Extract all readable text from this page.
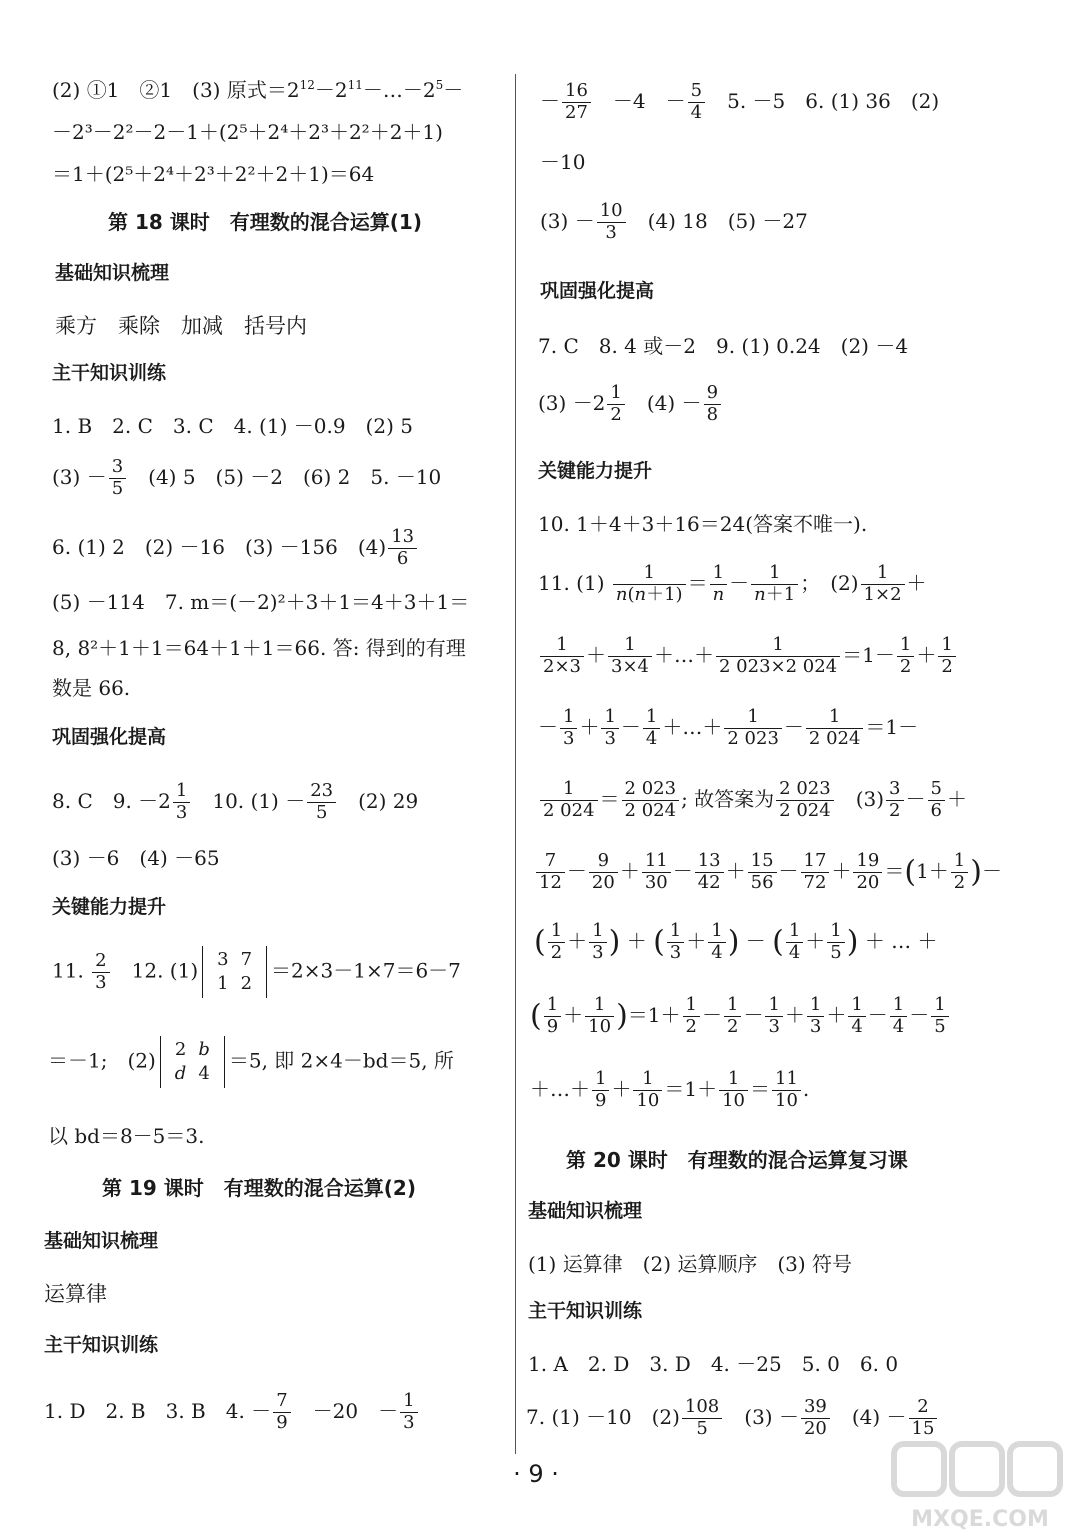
(2) ①1　②1　(3) 原式$=2^{12}-2^{11}-\dots-2^5-$
－2³－2²－2－1＋(2⁵＋2⁴＋2³＋2²＋2＋1)
＝1＋(2⁵＋2⁴＋2³＋2²＋2＋1)＝64
第 18 课时　有理数的混合运算(1)
基础知识梳理
乘方　乘除　加减　括号内
主干知识训练
1. B　2. C　3. C　4. (1) －0.9　(2) 5
$(3) - \frac{3}{5}$ 　(4) 5　(5) －2　(6) 2　5. －10
6. (1) 2　(2) －16　(3) －156　$(4) \frac{13}{6}$
(5) －114　7. m＝(－2)²＋3＋1＝4＋3＋1＝
8, 8²＋1＋1＝64＋1＋1＝66. 答: 得到的有理
数是 66.
巩固强化提高
8. C　9. $-2 \frac{1}{3}$ 　10. $(1) - \frac{23}{5}$ 　(2) 29
(3) －6　(4) －65
关键能力提升
11. $\frac{2}{3}$ 　12. (1) 3	7
1	2
＝2×3－1×7＝6－7
＝－1;　(2) 2	b
d	4
＝5, 即 2×4－bd＝5, 所
以 bd＝8－5＝3.
第 19 课时　有理数的混合运算(2)
基础知识梳理
运算律
主干知识训练
1. D　2. B　3. B　4. － $\frac{7}{9}$ 　－20　－ $\frac{1}{3}$
－ $\frac{16}{27}$ 　－4　－ $\frac{5}{4}$ 　5. －5　6. (1) 36　(2)
－10
$(3) - \frac{10}{3}$ 　(4) 18　(5) －27
巩固强化提高
7. C　8. 4 或－2　9. (1) 0.24　(2) －4
$(3) -2 \frac{1}{2}$ 　$(4) - \frac{9}{8}$
关键能力提升
10. 1＋4＋3＋16＝24(答案不唯一).
11. $(1) \frac{1}{n(n+1)} = \frac{1}{n} - \frac{1}{n+1}$ ；　$(2) \frac{1}{1\times 2}$ ＋
$\frac{1}{2\times 3} + \frac{1}{3\times 4}$ ＋…＋ $\frac{1}{2 023\times 2 024} =1- \frac{1}{2} + \frac{1}{2}$
－ $\frac{1}{3} + \frac{1}{3} - \frac{1}{4}$ ＋…＋ $\frac{1}{2 023} - \frac{1}{2 024} =1-$
$\frac{1}{2 024} = \frac{2 023}{2 024}$ ; 故答案为 $\frac{2 023}{2 024}$ 　$(3) \frac{3}{2} - \frac{5}{6}$ ＋
$\frac{7}{12} - \frac{9}{20} + \frac{11}{30} - \frac{13}{42} + \frac{15}{56} - \frac{17}{72} + \frac{19}{20} =(1+ \frac{1}{2}$ )－
( $\frac{1}{2} + \frac{1}{3}$ ) ＋ ( $\frac{1}{3} + \frac{1}{4}$ ) － ( $\frac{1}{4} + \frac{1}{5}$ ) ＋ … ＋
( $\frac{1}{9} + \frac{1}{10} )=1+ \frac{1}{2} - \frac{1}{2} - \frac{1}{3} + \frac{1}{3} + \frac{1}{4} - \frac{1}{4} - \frac{1}{5}$
＋…＋ $\frac{1}{9} + \frac{1}{10} =1+ \frac{1}{10} = \frac{11}{10}$ .
第 20 课时　有理数的混合运算复习课
基础知识梳理
(1) 运算律　(2) 运算顺序　(3) 符号
主干知识训练
1. A　2. D　3. D　4. －25　5. 0　6. 0
7. (1) －10　$(2) \frac{108}{5}$ 　$(3) - \frac{39}{20}$ 　$(4) - \frac{2}{15}$
· 9 ·
MXQE.COM
